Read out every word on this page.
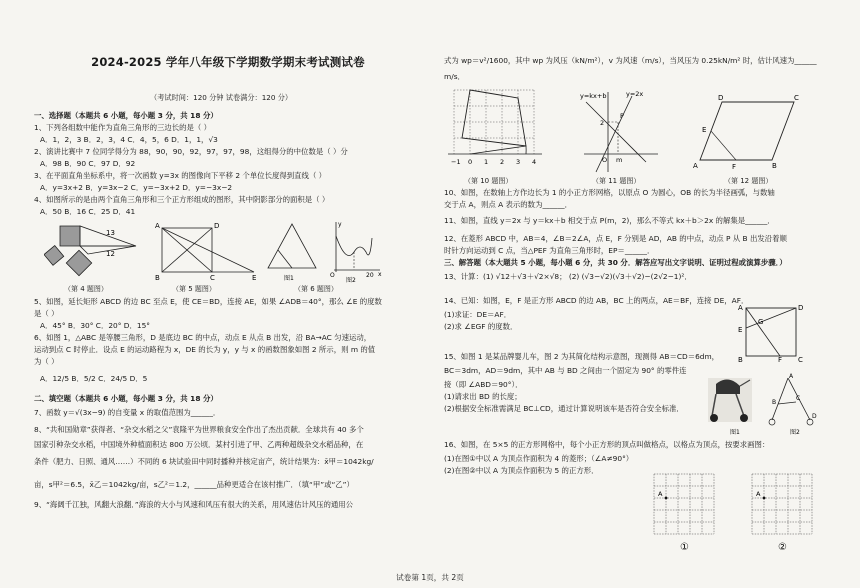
2024-2025 学年八年级下学期数学期末考试测试卷
（考试时间：120 分钟 试卷满分：120 分）
一、选择题（本题共 6 小题，每小题 3 分，共 18 分）
1、下列各组数中能作为直角三角形的三边长的是（ ）
A．1，2，3 B．2，3，4 C．4，5，6 D．1，1，√3
2、演讲比赛中 7 位同学得分为 88，90，90，92，97，97，98，这组得分的中位数是（ ）分
A．98 B．90 C．97 D．92
3、在平面直角坐标系中，将一次函数 y=3x 的图像向下平移 2 个单位长度得到直线（ ）
A．y=3x+2 B．y=3x−2 C．y=−3x+2 D．y=−3x−2
4、如图所示的是由两个直角三角形和三个正方形组成的图形，其中阴影部分的面积是（ ）
A．50 B．16 C．25 D．41
13
12
A	D
B	C	E	O	20 x
y
图1	图2
（第 4 题图）	（第 5 题图）	（第 6 题图）
5、如图，延长矩形 ABCD 的边 BC 至点 E，使 CE＝BD，连接 AE，如果 ∠ADB＝40°，那么 ∠E 的度数
是（ ）
A．45° B．30° C．20° D．15°
6、如图 1，△ABC 是等腰三角形，D 是底边 BC 的中点，动点 E 从点 B 出发，沿 BA→AC 匀速运动，
运动到点 C 时停止．设点 E 的运动路程为 x，DE 的长为 y，y 与 x 的函数图象如图 2 所示，则 m 的值
为（ ）
A．12/5 B．5/2 C．24/5 D．5
二、填空题（本题共 6 小题，每小题 3 分，共 18 分）
7、函数 y＝√(3x−9) 的自变量 x 的取值范围为______．
8、“共和国勋章”获得者、“杂交水稻之父”袁隆平为世界粮食安全作出了杰出贡献．全球共有 40 多个
国家引种杂交水稻，中国境外种植面积达 800 万公顷．某村引进了甲、乙两种超级杂交水稻品种，在
条件（肥力、日照、通风……）不同的 6 块试验田中同时播种并核定亩产，统计结果为：x̄甲＝1042kg/
亩，s甲²＝6.5，x̄乙＝1042kg/亩，s乙²＝1.2，______品种更适合在该村推广．（填“甲”或“乙”）
9、“海阔千江独，风翻大浪翻．”海浪的大小与风速和风压有很大的关系，用风速估计风压的通用公
式为 wp＝v²/1600，其中 wp 为风压（kN/m²），v 为风速（m/s），当风压为 0.25kN/m² 时，估计风速为______
m/s．
−1 0 1 2 3 4
y=kx+b	y=2x
P
2
O m
D	C
A	B
E
F
（第 10 题图）	（第 11 题图）	（第 12 题图）
10、如图，在数轴上方作边长为 1 的小正方形网格，以原点 O 为圆心，OB 的长为半径画弧，与数轴
交于点 A，则点 A 表示的数为______．
11、如图，直线 y＝2x 与 y＝kx＋b 相交于点 P(m，2)，那么不等式 kx＋b＞2x 的解集是______．
12、在菱形 ABCD 中，AB＝4，∠B＝2∠A，点 E，F 分别是 AD，AB 的中点，动点 P 从 B 出发沿着顺
时针方向运动到 C 点，当△PEF 为直角三角形时，EP＝______．
三、解答题（本大题共 5 小题，每小题 6 分，共 30 分．解答应写出文字说明、证明过程或演算步骤．）
13、计算：(1) √12＋√3＋√2×√8； (2) (√3−√2)(√3＋√2)−(2√2−1)²．
14、已知：如图，E，F 是正方形 ABCD 的边 AB，BC 上的两点，AE＝BF，连接 DE，AF．
(1)求证：DE＝AF．
(2)求 ∠EGF 的度数．
15、如图 1 是某品牌婴儿车，图 2 为其简化结构示意图，现测得 AB＝CD＝6dm，
BC＝3dm，AD＝9dm，其中 AB 与 BD 之间由一个固定为 90° 的零件连
接（即 ∠ABD＝90°）．
(1)请求出 BD 的长度；
(2)根据安全标准需满足 BC⊥CD，通过计算说明该车是否符合安全标准．
16、如图，在 5×5 的正方形网格中，每个小正方形的顶点叫做格点，以格点为顶点，按要求画图：
(1)在图①中以 A 为顶点作面积为 4 的菱形；（∠A≠90°）
(2)在图②中以 A 为顶点作面积为 5 的正方形．
A	D
E
B	C
F
G
A
B
C
D
图1	图2
A	A
①	②
试卷第 1页，共 2页
